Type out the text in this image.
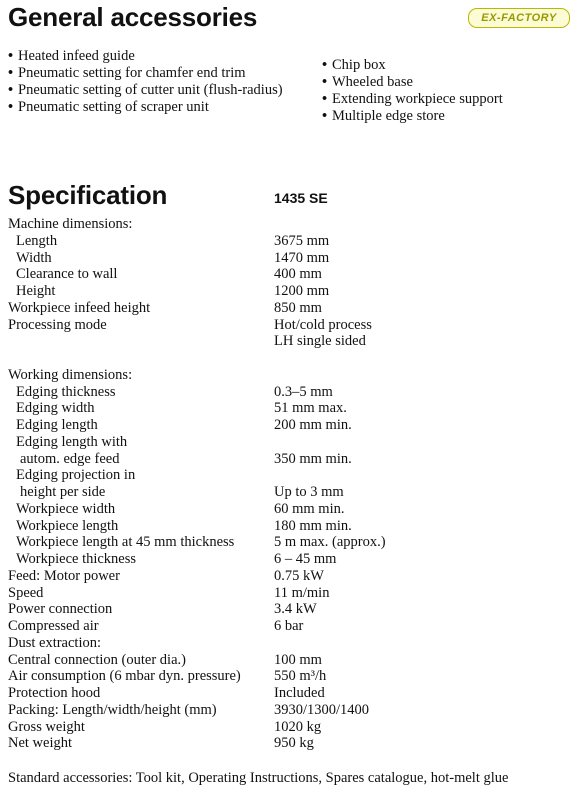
General accessories	EX-FACTORY
• Heated infeed guide
• Pneumatic setting for chamfer end trim
• Pneumatic setting of cutter unit (flush-radius)
• Pneumatic setting of scraper unit
• Chip box
• Wheeled base
• Extending workpiece support
• Multiple edge store
Specification	1435 SE
Machine dimensions:
Length	3675 mm
Width	1470 mm
Clearance to wall	400 mm
Height	1200 mm
Workpiece infeed height	850 mm
Processing mode	Hot/cold process
LH single sided
Working dimensions:
Edging thickness	0.3–5 mm
Edging width	51 mm max.
Edging length	200 mm min.
Edging length with
autom. edge feed	350 mm min.
Edging projection in
height per side	Up to 3 mm
Workpiece width	60 mm min.
Workpiece length	180 mm min.
Workpiece length at 45 mm thickness	5 m max. (approx.)
Workpiece thickness	6 – 45 mm
Feed: Motor power	0.75 kW
Speed	11 m/min
Power connection	3.4 kW
Compressed air	6 bar
Dust extraction:
Central connection (outer dia.)	100 mm
Air consumption (6 mbar dyn. pressure)	550 m³/h
Protection hood	Included
Packing: Length/width/height (mm)	3930/1300/1400
Gross weight	1020 kg
Net weight	950 kg
Standard accessories: Tool kit, Operating Instructions, Spares catalogue, hot-melt glue
